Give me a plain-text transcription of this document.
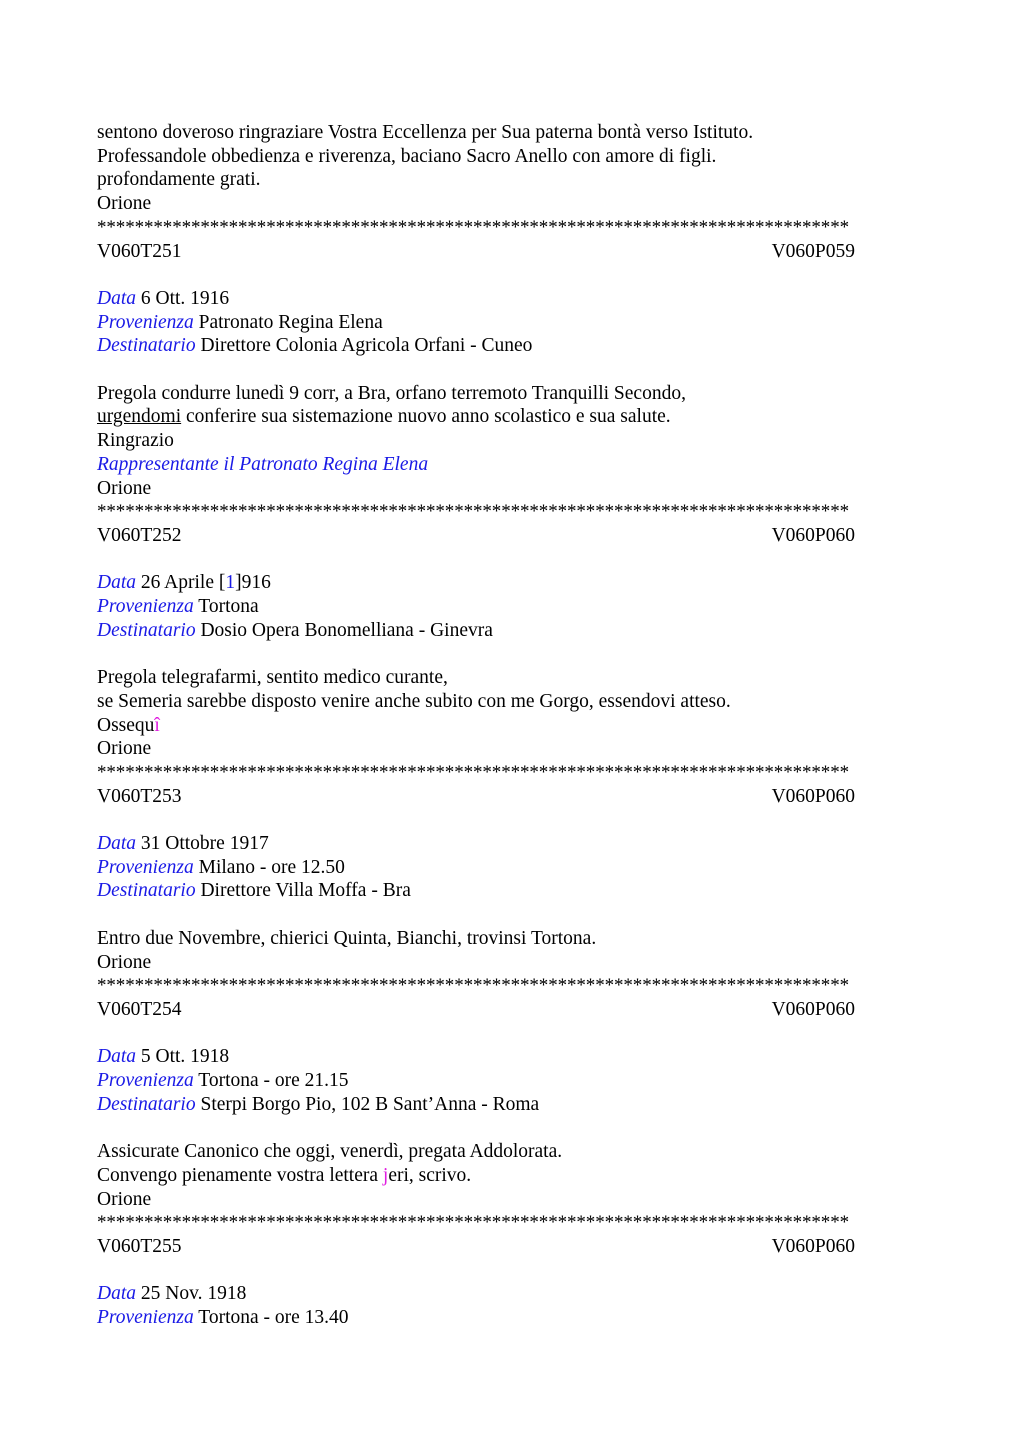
sentono doveroso ringraziare Vostra Eccellenza per Sua paterna bontà verso Istituto.
Professandole obbedienza e riverenza, baciano Sacro Anello con amore di figli.
profondamente grati.
Orione
********************************************************************************
V060T251	V060P059
Data 6 Ott. 1916
Provenienza Patronato Regina Elena
Destinatario Direttore Colonia Agricola Orfani - Cuneo
Pregola condurre lunedì 9 corr, a Bra, orfano terremoto Tranquilli Secondo,
urgendomi conferire sua sistemazione nuovo anno scolastico e sua salute.
Ringrazio
Rappresentante il Patronato Regina Elena
Orione
********************************************************************************
V060T252	V060P060
Data 26 Aprile [1]916
Provenienza Tortona
Destinatario Dosio Opera Bonomelliana - Ginevra
Pregola telegrafarmi, sentito medico curante,
se Semeria sarebbe disposto venire anche subito con me Gorgo, essendovi atteso.
Ossequî
Orione
********************************************************************************
V060T253	V060P060
Data 31 Ottobre 1917
Provenienza Milano - ore 12.50
Destinatario Direttore Villa Moffa - Bra
Entro due Novembre, chierici Quinta, Bianchi, trovinsi Tortona.
Orione
********************************************************************************
V060T254	V060P060
Data 5 Ott. 1918
Provenienza Tortona - ore 21.15
Destinatario Sterpi Borgo Pio, 102 B Sant’Anna - Roma
Assicurate Canonico che oggi, venerdì, pregata Addolorata.
Convengo pienamente vostra lettera jeri, scrivo.
Orione
********************************************************************************
V060T255	V060P060
Data 25 Nov. 1918
Provenienza Tortona - ore 13.40
